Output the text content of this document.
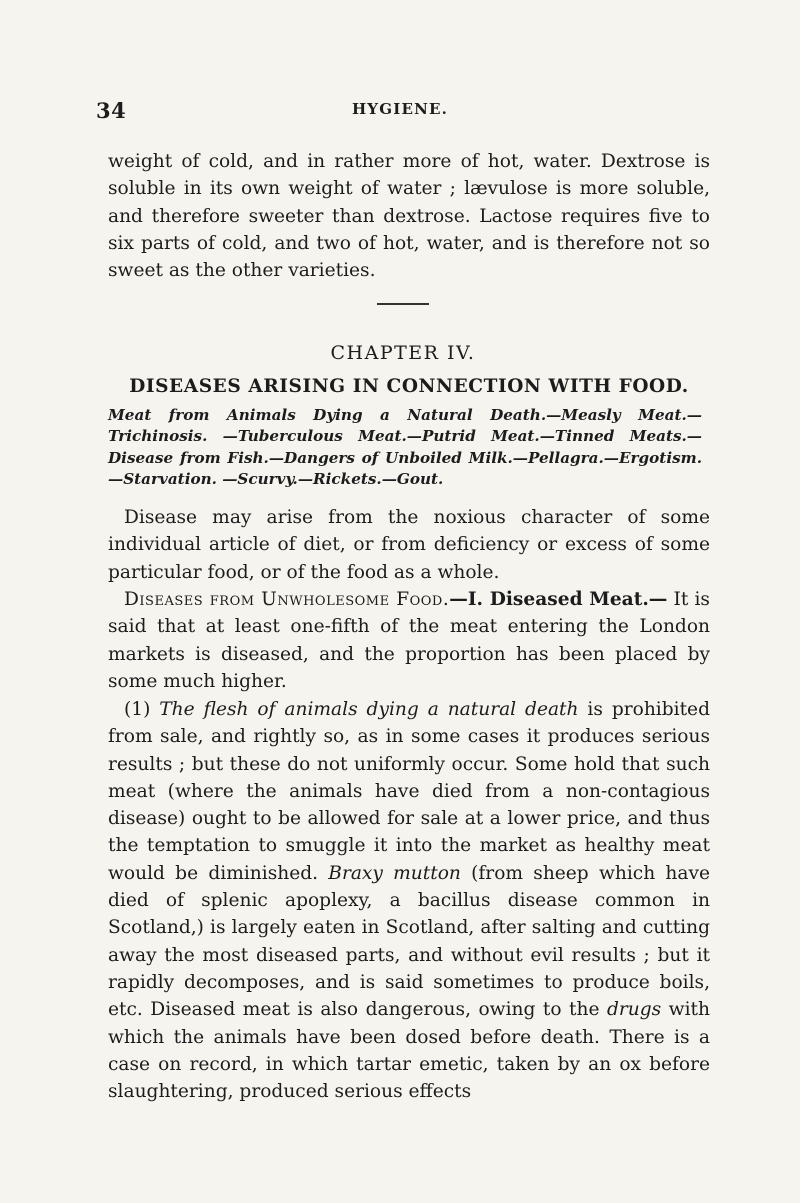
34	HYGIENE.

weight of cold, and in rather more of hot, water. Dextrose is soluble in its own weight of water ; lævulose is more soluble, and therefore sweeter than dextrose. Lactose requires five to six parts of cold, and two of hot, water, and is therefore not so sweet as the other varieties.

CHAPTER IV.
DISEASES ARISING IN CONNECTION WITH FOOD.

Meat from Animals Dying a Natural Death.—Measly Meat.—Trichinosis. —Tuberculous Meat.—Putrid Meat.—Tinned Meats.—Disease from Fish.—Dangers of Unboiled Milk.—Pellagra.—Ergotism.—Starvation. —Scurvy.—Rickets.—Gout.

Disease may arise from the noxious character of some individual article of diet, or from deficiency or excess of some particular food, or of the food as a whole.

Diseases from Unwholesome Food.—I. Diseased Meat.— It is said that at least one-fifth of the meat entering the London markets is diseased, and the proportion has been placed by some much higher.

(1) The flesh of animals dying a natural death is prohibited from sale, and rightly so, as in some cases it produces serious results ; but these do not uniformly occur. Some hold that such meat (where the animals have died from a non-contagious disease) ought to be allowed for sale at a lower price, and thus the temptation to smuggle it into the market as healthy meat would be diminished. Braxy mutton (from sheep which have died of splenic apoplexy, a bacillus disease common in Scotland,) is largely eaten in Scotland, after salting and cutting away the most diseased parts, and without evil results ; but it rapidly decomposes, and is said sometimes to produce boils, etc. Diseased meat is also dangerous, owing to the drugs with which the animals have been dosed before death. There is a case on record, in which tartar emetic, taken by an ox before slaughtering, produced serious effects
